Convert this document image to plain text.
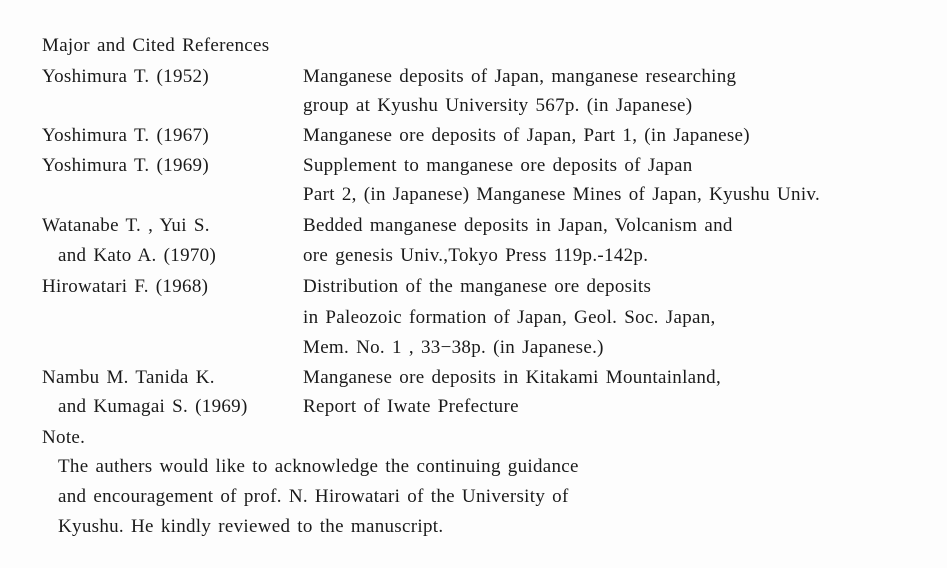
Major and Cited References
Yoshimura T. (1952)	Manganese deposits of Japan, manganese researching
group at Kyushu University 567p. (in Japanese)
Yoshimura T. (1967)	Manganese ore deposits of Japan, Part 1, (in Japanese)
Yoshimura T. (1969)	Supplement to manganese ore deposits of Japan
Part 2, (in Japanese) Manganese Mines of Japan, Kyushu Univ.
Watanabe T. , Yui S.	Bedded manganese deposits in Japan, Volcanism and
and Kato A. (1970)	ore genesis Univ.,Tokyo Press 119p.-142p.
Hirowatari F. (1968)	Distribution of the manganese ore deposits
in Paleozoic formation of Japan, Geol. Soc. Japan,
Mem. No. 1 , 33−38p. (in Japanese.)
Nambu M. Tanida K.	Manganese ore deposits in Kitakami Mountainland,
and Kumagai S. (1969)	Report of Iwate Prefecture
Note.
The authers would like to acknowledge the continuing guidance
and encouragement of prof. N. Hirowatari of the University of
Kyushu. He kindly reviewed to the manuscript.
